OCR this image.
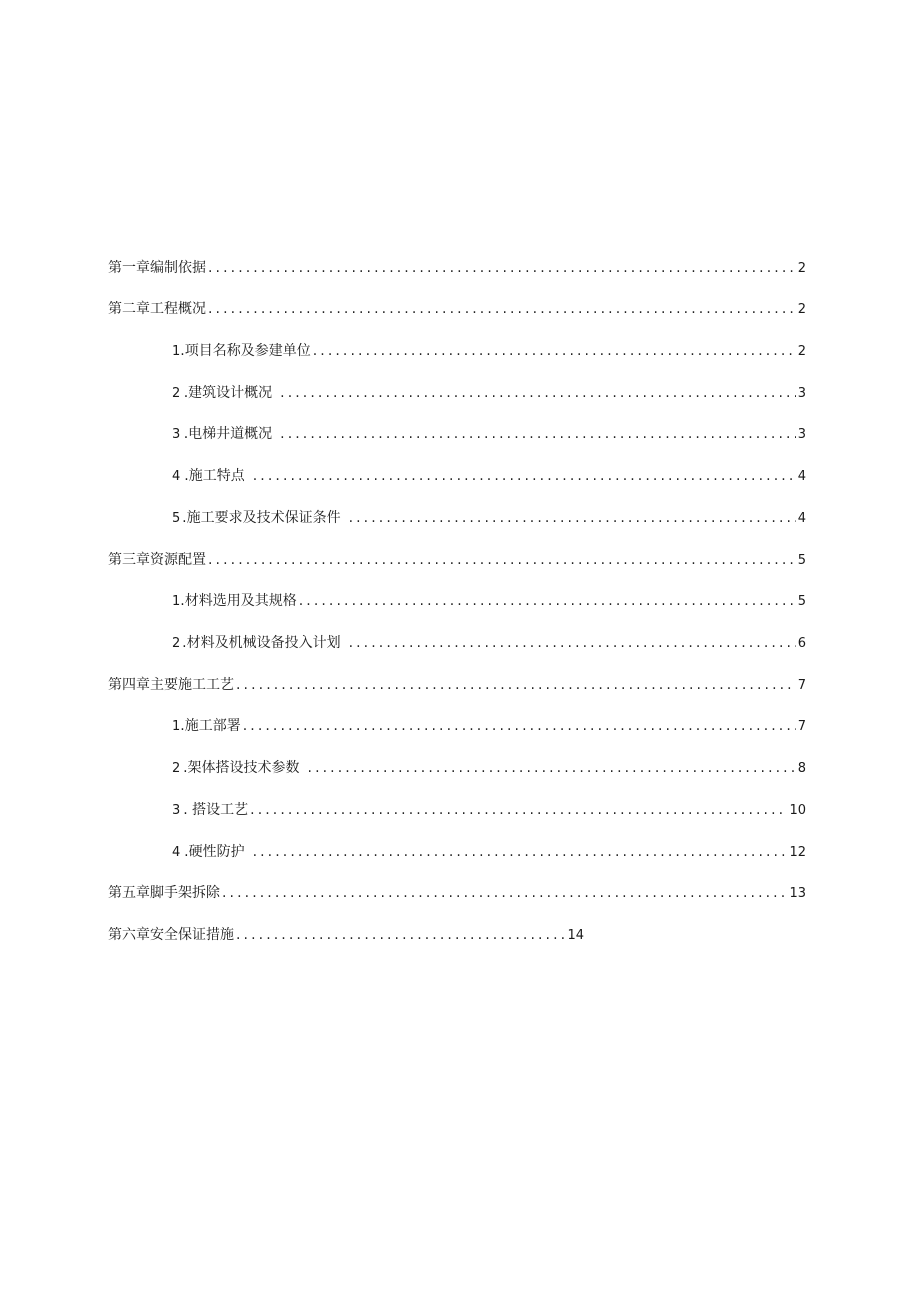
第一章编制依据 .....	2
第二章工程概况 .....	2
1 .项目名称及参建单位 .....	2
2 .建筑设计概况 .....	3
3 .电梯井道概况 .....	3
4 .施工特点 .....	4
5 .施工要求及技术保证条件 .....	4
第三章资源配置 .....	5
1 .材料选用及其规格 .....	5
2 .材料及机械设备投入计划 .....	6
第四章 主要施工工艺 .....	7
1 .施工部署 .....	7
2 .架体搭设技术参数 .....	8
3 . 搭设工艺 .....	10
4 .硬性防护 .....	12
第五章脚手架拆除 .....	13
第六章安全保证措施 .....	14
